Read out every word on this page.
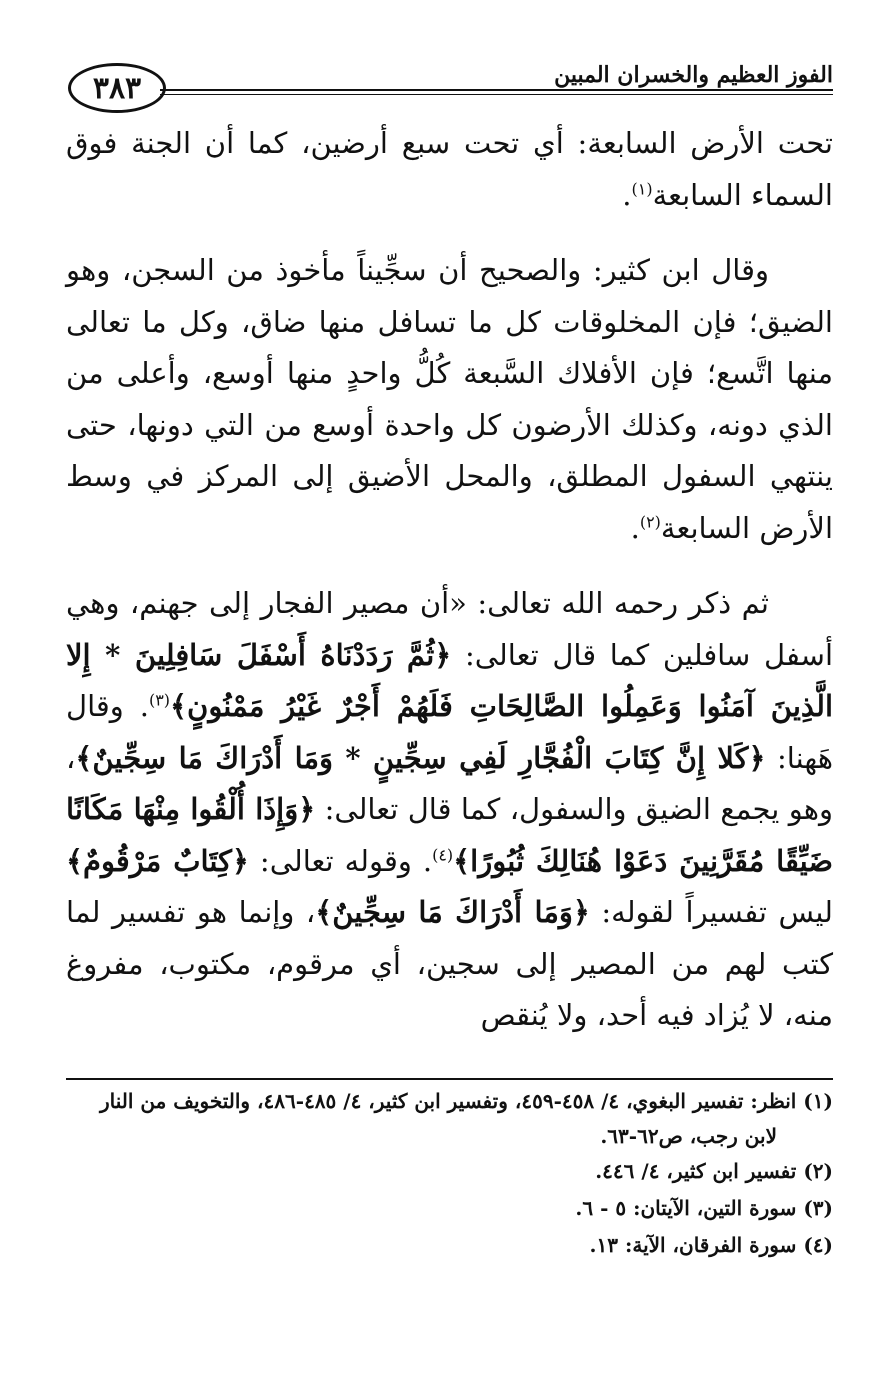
٣٨٣	الفوز العظيم والخسران المبين

تحت الأرض السابعة: أي تحت سبع أرضين، كما أن الجنة فوق السماء السابعة$^{(١)}$.

وقال ابن كثير: والصحيح أن سجِّيناً مأخوذ من السجن، وهو الضيق؛ فإن المخلوقات كل ما تسافل منها ضاق، وكل ما تعالى منها اتَّسع؛ فإن الأفلاك السَّبعة كُلُّ واحدٍ منها أوسع، وأعلى من الذي دونه، وكذلك الأرضون كل واحدة أوسع من التي دونها، حتى ينتهي السفول المطلق، والمحل الأضيق إلى المركز في وسط الأرض السابعة$^{(٢)}$.

ثم ذكر رحمه الله تعالى: «أن مصير الفجار إلى جهنم، وهي أسفل سافلين كما قال تعالى: ﴿ثُمَّ رَدَدْنَاهُ أَسْفَلَ سَافِلِينَ * إِلا الَّذِينَ آمَنُوا وَعَمِلُوا الصَّالِحَاتِ فَلَهُمْ أَجْرٌ غَيْرُ مَمْنُونٍ﴾$^{(٣)}$. وقال هَهنا: ﴿كَلا إِنَّ كِتَابَ الْفُجَّارِ لَفِي سِجِّينٍ * وَمَا أَدْرَاكَ مَا سِجِّينٌ﴾، وهو يجمع الضيق والسفول، كما قال تعالى: ﴿وَإِذَا أُلْقُوا مِنْهَا مَكَانًا ضَيِّقًا مُقَرَّنِينَ دَعَوْا هُنَالِكَ ثُبُورًا﴾$^{(٤)}$. وقوله تعالى: ﴿كِتَابٌ مَرْقُومٌ﴾ ليس تفسيراً لقوله: ﴿وَمَا أَدْرَاكَ مَا سِجِّينٌ﴾، وإنما هو تفسير لما كتب لهم من المصير إلى سجين، أي مرقوم، مكتوب، مفروغ منه، لا يُزاد فيه أحد، ولا يُنقص

(١) انظر: تفسير البغوي، ٤/ ٤٥٨-٤٥٩، وتفسير ابن كثير، ٤/ ٤٨٥-٤٨٦، والتخويف من النار

لابن رجب، ص٦٢-٦٣.

(٢) تفسير ابن كثير، ٤/ ٤٤٦.

(٣) سورة التين، الآيتان: ٥ - ٦.

(٤) سورة الفرقان، الآية: ١٣.
